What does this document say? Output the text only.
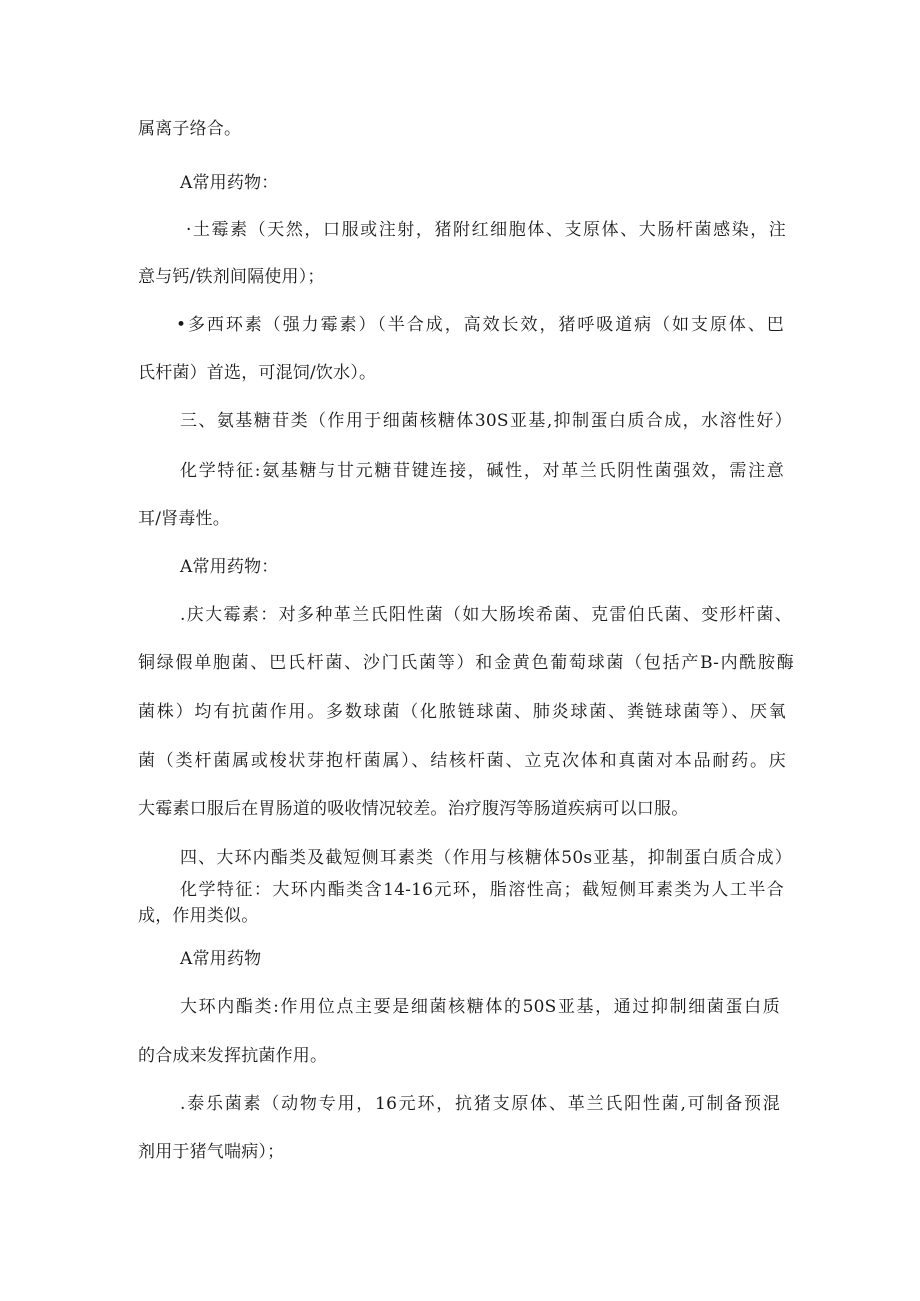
属离子络合。

A常用药物：

·土霉素（天然，口服或注射，猪附红细胞体、支原体、大肠杆菌感染，注

意与钙/铁剂间隔使用）；

•多西环素（强力霉素）（半合成，高效长效，猪呼吸道病（如支原体、巴

氏杆菌）首选，可混饲/饮水）。

三、氨基糖苷类（作用于细菌核糖体30S亚基,抑制蛋白质合成，水溶性好）

化学特征:氨基糖与甘元糖苷键连接，碱性，对革兰氏阴性菌强效，需注意

耳/肾毒性。

A常用药物：

.庆大霉素：对多种革兰氏阳性菌（如大肠埃希菌、克雷伯氏菌、变形杆菌、

铜绿假单胞菌、巴氏杆菌、沙门氏菌等）和金黄色葡萄球菌（包括产B-内酰胺酶

菌株）均有抗菌作用。多数球菌（化脓链球菌、肺炎球菌、粪链球菌等）、厌氧

菌（类杆菌属或梭状芽抱杆菌属）、结核杆菌、立克次体和真菌对本品耐药。庆

大霉素口服后在胃肠道的吸收情况较差。治疗腹泻等肠道疾病可以口服。

四、大环内酯类及截短侧耳素类（作用与核糖体50s亚基，抑制蛋白质合成）

化学特征：大环内酯类含14-16元环，脂溶性高；截短侧耳素类为人工半合

成，作用类似。

A常用药物

大环内酯类:作用位点主要是细菌核糖体的50S亚基，通过抑制细菌蛋白质

的合成来发挥抗菌作用。

.泰乐菌素（动物专用，16元环，抗猪支原体、革兰氏阳性菌,可制备预混

剂用于猪气喘病）；
